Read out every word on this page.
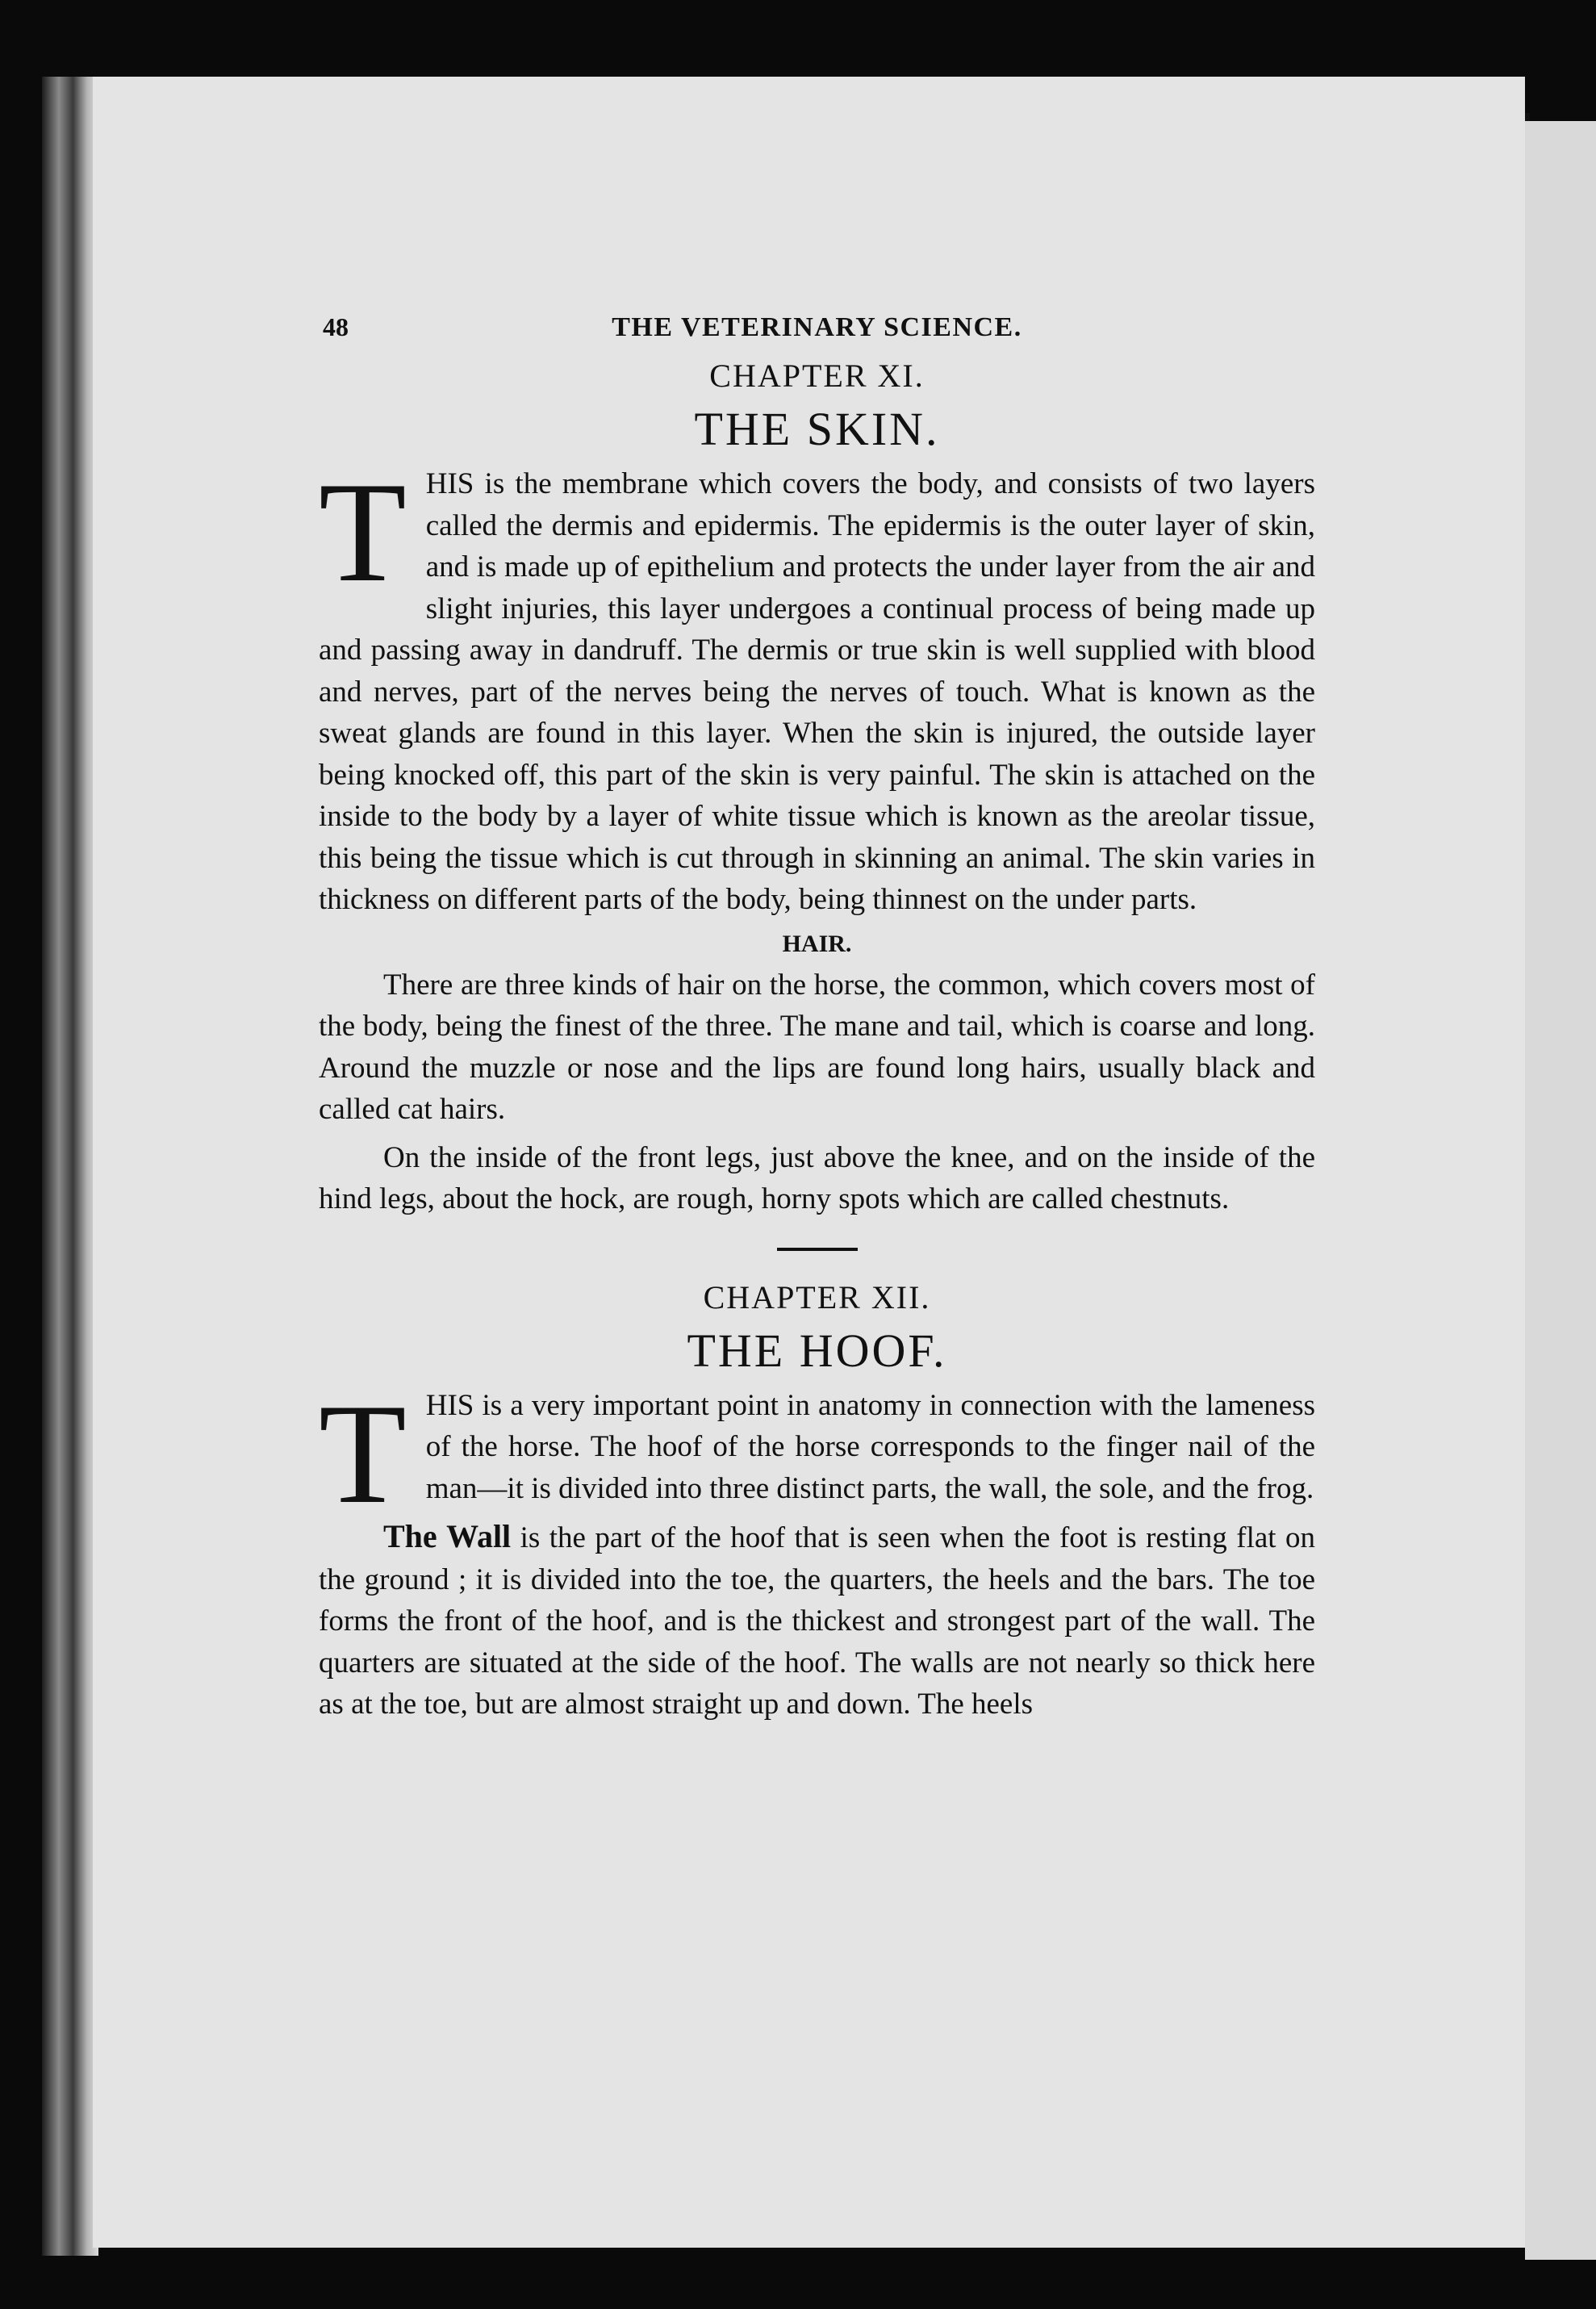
48	THE VETERINARY SCIENCE.
CHAPTER XI.
THE SKIN.

THIS is the membrane which covers the body, and consists of two layers called the dermis and epidermis. The epidermis is the outer layer of skin, and is made up of epithelium and protects the under layer from the air and slight injuries, this layer undergoes a continual process of being made up and passing away in dandruff. The dermis or true skin is well supplied with blood and nerves, part of the nerves being the nerves of touch. What is known as the sweat glands are found in this layer. When the skin is injured, the outside layer being knocked off, this part of the skin is very painful. The skin is attached on the inside to the body by a layer of white tissue which is known as the areolar tissue, this being the tissue which is cut through in skinning an animal. The skin varies in thickness on different parts of the body, being thinnest on the under parts.

HAIR.

There are three kinds of hair on the horse, the common, which covers most of the body, being the finest of the three. The mane and tail, which is coarse and long. Around the muzzle or nose and the lips are found long hairs, usually black and called cat hairs.

On the inside of the front legs, just above the knee, and on the inside of the hind legs, about the hock, are rough, horny spots which are called chestnuts.

CHAPTER XII.
THE HOOF.

THIS is a very important point in anatomy in connection with the lameness of the horse. The hoof of the horse corresponds to the finger nail of the man—it is divided into three distinct parts, the wall, the sole, and the frog.

The Wall is the part of the hoof that is seen when the foot is resting flat on the ground ; it is divided into the toe, the quarters, the heels and the bars. The toe forms the front of the hoof, and is the thickest and strongest part of the wall. The quarters are situated at the side of the hoof. The walls are not nearly so thick here as at the toe, but are almost straight up and down. The heels
